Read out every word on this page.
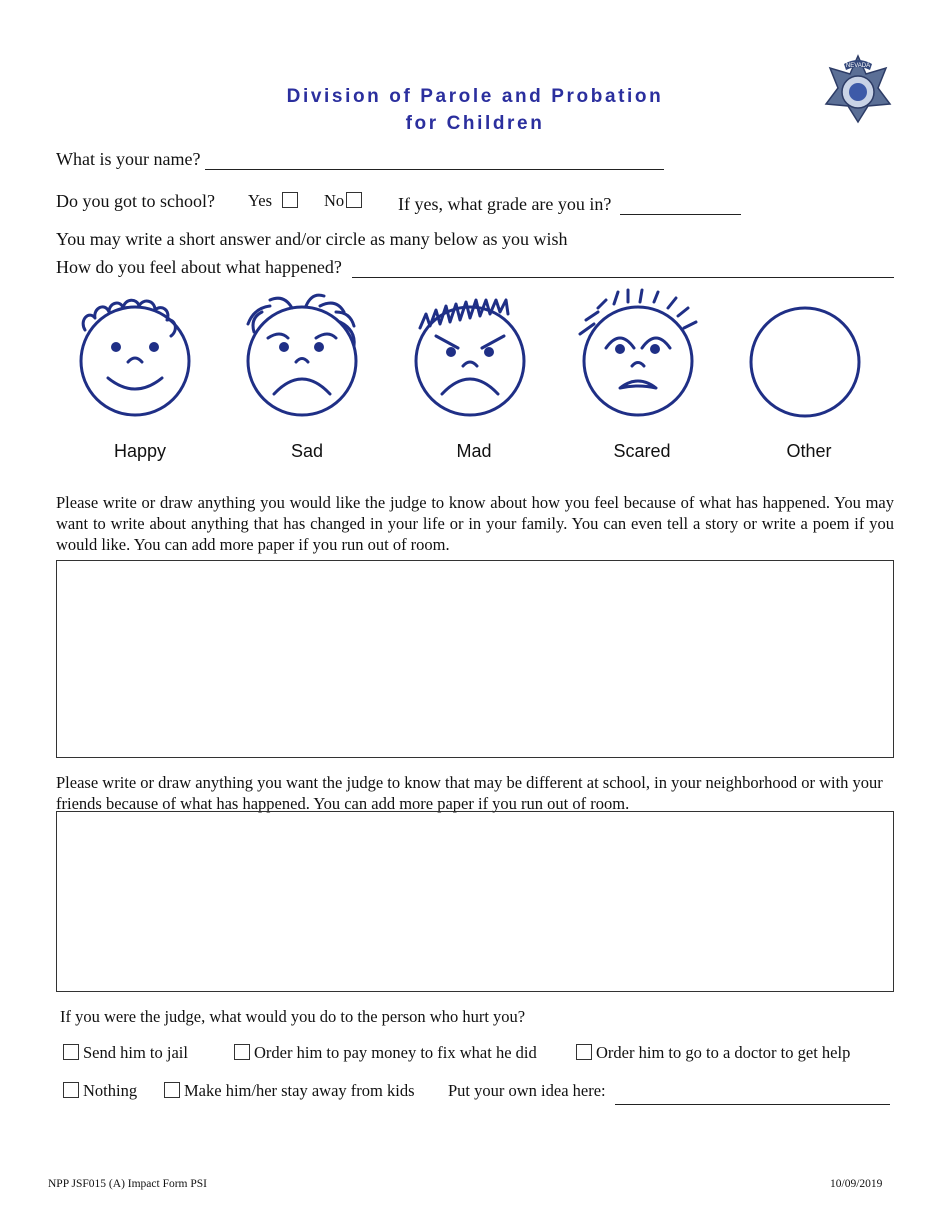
Division of Parole and Probation
for Children
NEVADA
What is your name?
Do you got to school? Yes	No	If yes, what grade are you in?
You may write a short answer and/or circle as many below as you wish
How do you feel about what happened?
Happy	Sad	Mad	Scared	Other
Please write or draw anything you would like the judge to know about how you feel because of what has happened. You may want to write about anything that has changed in your life or in your family. You can even tell a story or write a poem if you would like. You can add more paper if you run out of room.
Please write or draw anything you want the judge to know that may be different at school, in your neighborhood or with your friends because of what has happened. You can add more paper if you run out of room.
If you were the judge, what would you do to the person who hurt you?
Send him to jail	Order him to pay money to fix what he did	Order him to go to a doctor to get help
Nothing	Make him/her stay away from kids Put your own idea here:
NPP JSF015 (A) Impact Form PSI	10/09/2019
